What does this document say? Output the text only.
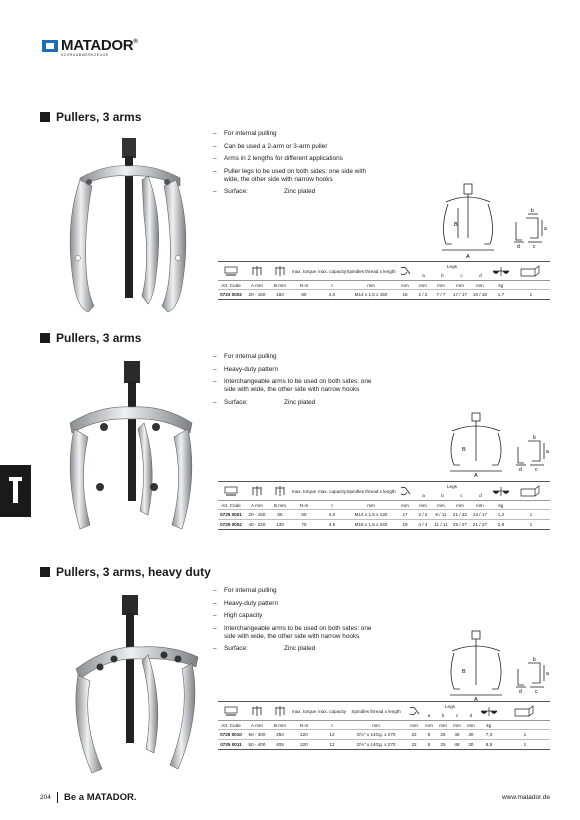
MATADOR ®
SCHRAUBWERKZEUGE
Pullers, 3 arms
– For internal pulling
– Can be used a 2-arm or 3-arm puller
– Arms in 2 lengths for different applications
– Puller legs to be used on both sides: one side with wide, the other side with narrow hooks
– Surface:	Zinc plated
A
B
a
b
c
d
			max. torque	max. capacity	Spindles thread x length		Legs
a b c d

Art. Code	A mm	B mm	N·m	t	mm	mm	mm	mm	mm	mm	kg	
0723 0002	20 - 150	160	80	4,0	M14 x 1,5 x 150	16	2 / 2	7 / 7	17 / 17	10 / 18	1,7	1
Pullers, 3 arms
– For internal pulling
– Heavy-duty pattern
– Interchangeable arms to be used on both sides: one side with wide, the other side with narrow hooks
– Surface:	Zinc plated
A
B	a
b
c
d
			max. torque	max. capacity	Spindles thread x length		Legs
a b c d

Art. Code	A mm	B mm	N·m	t	mm	mm	mm	mm	mm	mm	kg	
0725 0001	20 - 150	85	60	4,0	M14 x 1,5 x 130	17	2 / 2	9 / 11	21 / 22	12 / 17	1,2	1
0725 0002	40 - 220	130	70	4,5	M18 x 1,5 x 240	19	4 / 4	11 / 11	25 / 27	21 / 27	2,9	1
Pullers, 3 arms, heavy duty
– For internal pulling
– Heavy-duty pattern
– High capacity
– Interchangeable arms to be used on both sides: one side with wide, the other side with narrow hooks
– Surface:	Zinc plated
A
B	a
b
c
d
			max. torque	max. capacity	Spindles thread x length		Legs
a b c d

Art. Code	A mm	B mm	N·m	t	mm	mm	mm	mm	mm	mm	kg	
0725 0010	50 - 300	250	220	12	G½" x 14Gg. x 270	22	5	25	48	30	7,3	1
0725 0011	50 - 400	405	220	12	G½" x 14Gg. x 270	22	5	25	48	30	8,8	1
204 Be a MATADOR.	www.matador.de
